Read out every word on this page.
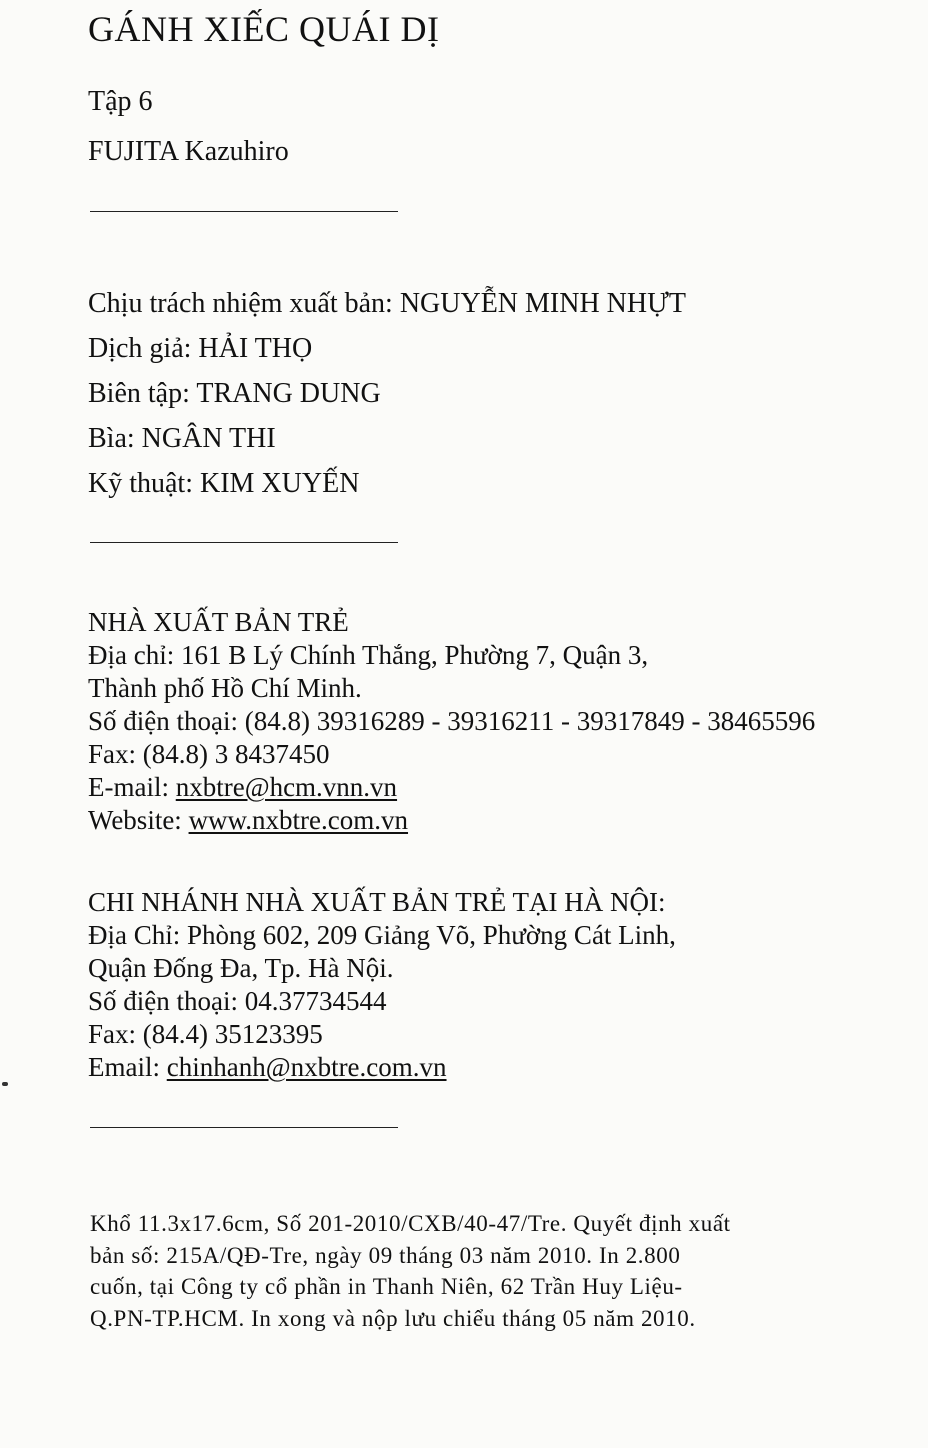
GÁNH XIẾC QUÁI DỊ
Tập 6
FUJITA Kazuhiro
Chịu trách nhiệm xuất bản: NGUYỄN MINH NHỰT
Dịch giả: HẢI THỌ
Biên tập: TRANG DUNG
Bìa: NGÂN THI
Kỹ thuật: KIM XUYẾN
NHÀ XUẤT BẢN TRẺ
Địa chỉ: 161 B Lý Chính Thắng, Phường 7, Quận 3,
Thành phố Hồ Chí Minh.
Số điện thoại: (84.8) 39316289 - 39316211 - 39317849 - 38465596
Fax: (84.8) 3 8437450
E-mail: nxbtre@hcm.vnn.vn
Website: www.nxbtre.com.vn
CHI NHÁNH NHÀ XUẤT BẢN TRẺ TẠI HÀ NỘI:
Địa Chỉ: Phòng 602, 209 Giảng Võ, Phường Cát Linh,
Quận Đống Đa, Tp. Hà Nội.
Số điện thoại: 04.37734544
Fax: (84.4) 35123395
Email: chinhanh@nxbtre.com.vn
Khổ 11.3x17.6cm, Số 201-2010/CXB/40-47/Tre. Quyết định xuất
bản số: 215A/QĐ-Tre, ngày 09 tháng 03 năm 2010. In 2.800
cuốn, tại Công ty cổ phần in Thanh Niên, 62 Trần Huy Liệu-
Q.PN-TP.HCM. In xong và nộp lưu chiểu tháng 05 năm 2010.
